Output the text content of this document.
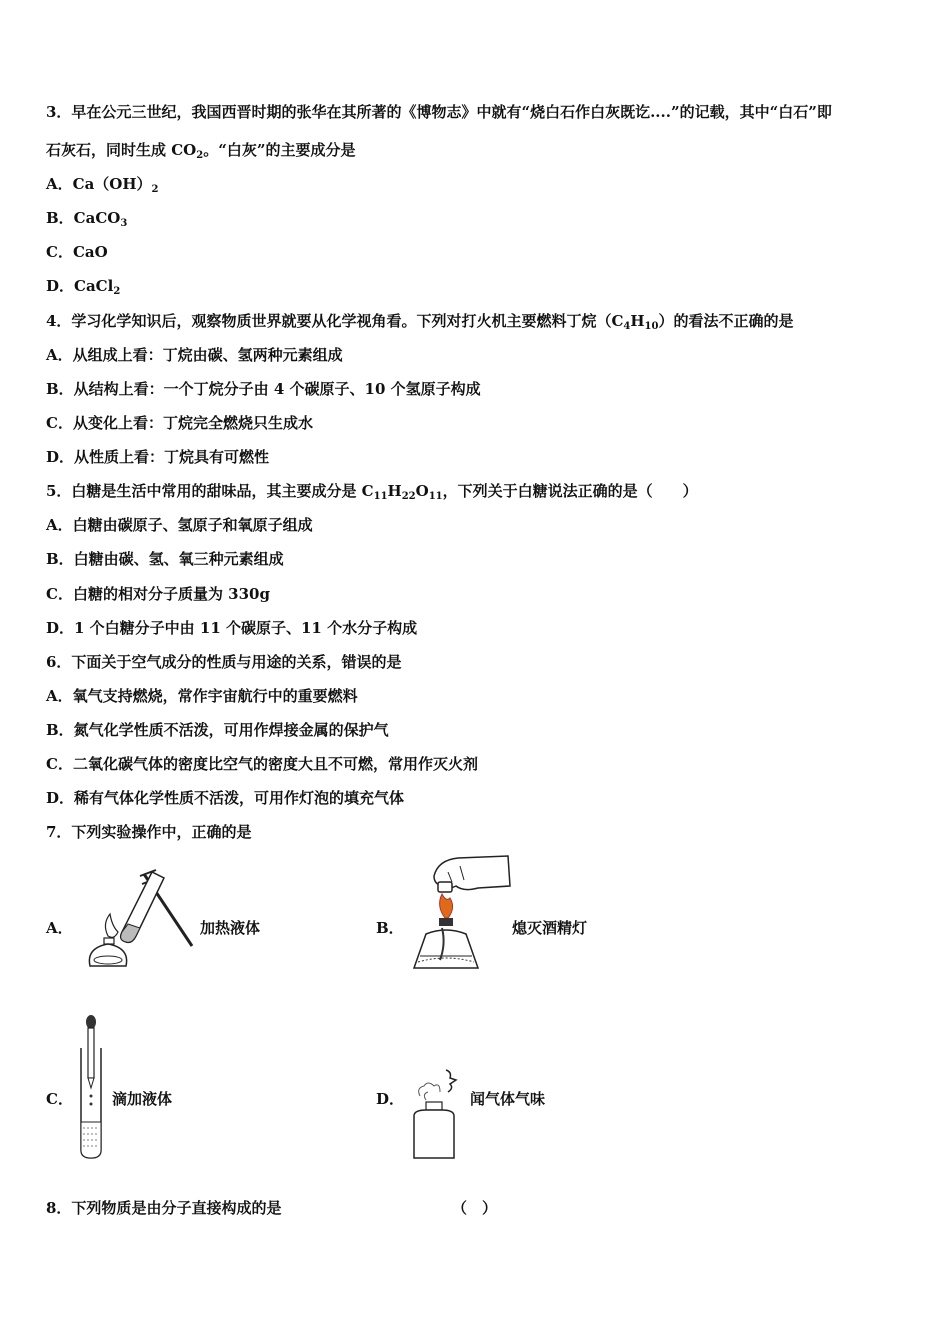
3．早在公元三世纪，我国西晋时期的张华在其所著的《博物志》中就有“烧白石作白灰既讫....”的记载，其中“白石”即
石灰石，同时生成 $CO_2$。“白灰”的主要成分是
A．$Ca(OH)_2$
B．CaCO$_3$
C．CaO
D．CaCl$_2$
4．学习化学知识后，观察物质世界就要从化学视角看。下列对打火机主要燃料丁烷$(C_4H_{10})$的看法不正确的是
A．从组成上看：丁烷由碳、氢两种元素组成
B．从结构上看：一个丁烷分子由 4 个碳原子、10 个氢原子构成
C．从变化上看：丁烷完全燃烧只生成水
D．从性质上看：丁烷具有可燃性
5．白糖是生活中常用的甜味品，其主要成分是 $C_{11}H_{22}O_{11}$，下列关于白糖说法正确的是（　　）
A．白糖由碳原子、氢原子和氧原子组成
B．白糖由碳、氢、氧三种元素组成
C．白糖的相对分子质量为 330g
D．1 个白糖分子中由 11 个碳原子、11 个水分子构成
6．下面关于空气成分的性质与用途的关系，错误的是
A．氧气支持燃烧，常作宇宙航行中的重要燃料
B．氮气化学性质不活泼，可用作焊接金属的保护气
C．二氧化碳气体的密度比空气的密度大且不可燃，常用作灭火剂
D．稀有气体化学性质不活泼，可用作灯泡的填充气体
7．下列实验操作中，正确的是
A．	加热液体	B．	熄灭酒精灯
C．	滴加液体	D．	闻气体气味
8．下列物质是由分子直接构成的是	（　）
